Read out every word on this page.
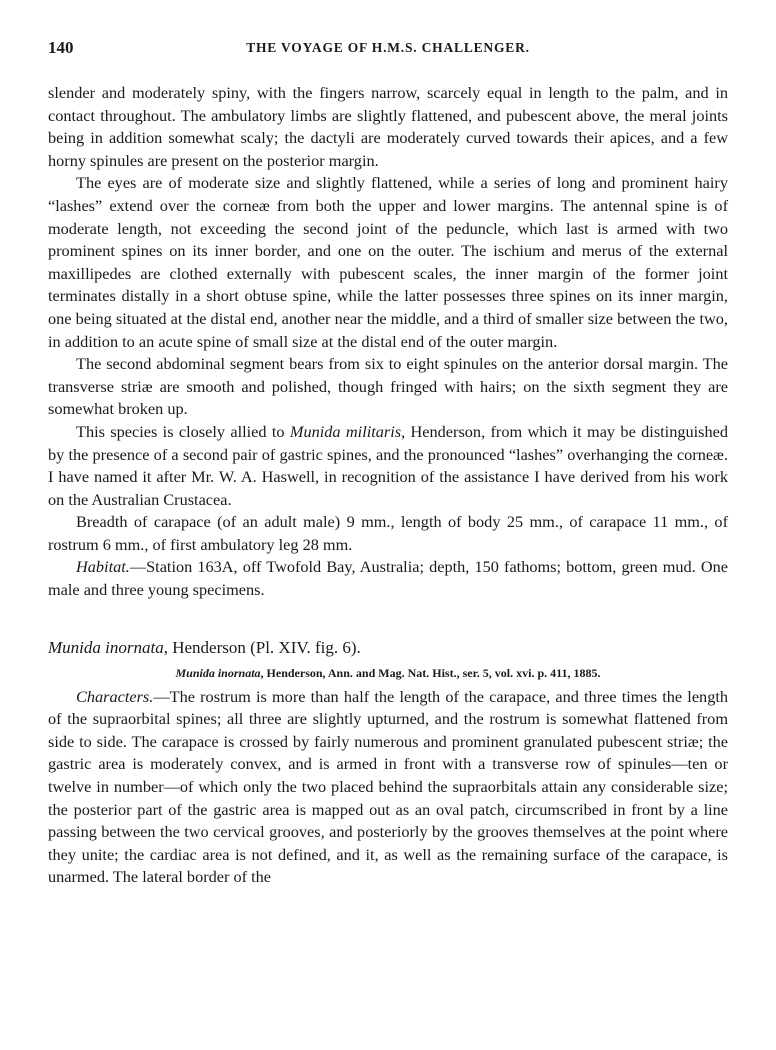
140	THE VOYAGE OF H.M.S. CHALLENGER.

slender and moderately spiny, with the fingers narrow, scarcely equal in length to the palm, and in contact throughout. The ambulatory limbs are slightly flattened, and pubescent above, the meral joints being in addition somewhat scaly; the dactyli are moderately curved towards their apices, and a few horny spinules are present on the posterior margin.

The eyes are of moderate size and slightly flattened, while a series of long and prominent hairy “lashes” extend over the corneæ from both the upper and lower margins. The antennal spine is of moderate length, not exceeding the second joint of the peduncle, which last is armed with two prominent spines on its inner border, and one on the outer. The ischium and merus of the external maxillipedes are clothed externally with pubescent scales, the inner margin of the former joint terminates distally in a short obtuse spine, while the latter possesses three spines on its inner margin, one being situated at the distal end, another near the middle, and a third of smaller size between the two, in addition to an acute spine of small size at the distal end of the outer margin.

The second abdominal segment bears from six to eight spinules on the anterior dorsal margin. The transverse striæ are smooth and polished, though fringed with hairs; on the sixth segment they are somewhat broken up.

This species is closely allied to Munida militaris, Henderson, from which it may be distinguished by the presence of a second pair of gastric spines, and the pronounced “lashes” overhanging the corneæ. I have named it after Mr. W. A. Haswell, in recognition of the assistance I have derived from his work on the Australian Crustacea.

Breadth of carapace (of an adult male) 9 mm., length of body 25 mm., of carapace 11 mm., of rostrum 6 mm., of first ambulatory leg 28 mm.

Habitat.—Station 163A, off Twofold Bay, Australia; depth, 150 fathoms; bottom, green mud. One male and three young specimens.

Munida inornata, Henderson (Pl. XIV. fig. 6).
Munida inornata, Henderson, Ann. and Mag. Nat. Hist., ser. 5, vol. xvi. p. 411, 1885.

Characters.—The rostrum is more than half the length of the carapace, and three times the length of the supraorbital spines; all three are slightly upturned, and the rostrum is somewhat flattened from side to side. The carapace is crossed by fairly numerous and prominent granulated pubescent striæ; the gastric area is moderately convex, and is armed in front with a transverse row of spinules—ten or twelve in number—of which only the two placed behind the supraorbitals attain any considerable size; the posterior part of the gastric area is mapped out as an oval patch, circumscribed in front by a line passing between the two cervical grooves, and posteriorly by the grooves themselves at the point where they unite; the cardiac area is not defined, and it, as well as the remaining surface of the carapace, is unarmed. The lateral border of the
